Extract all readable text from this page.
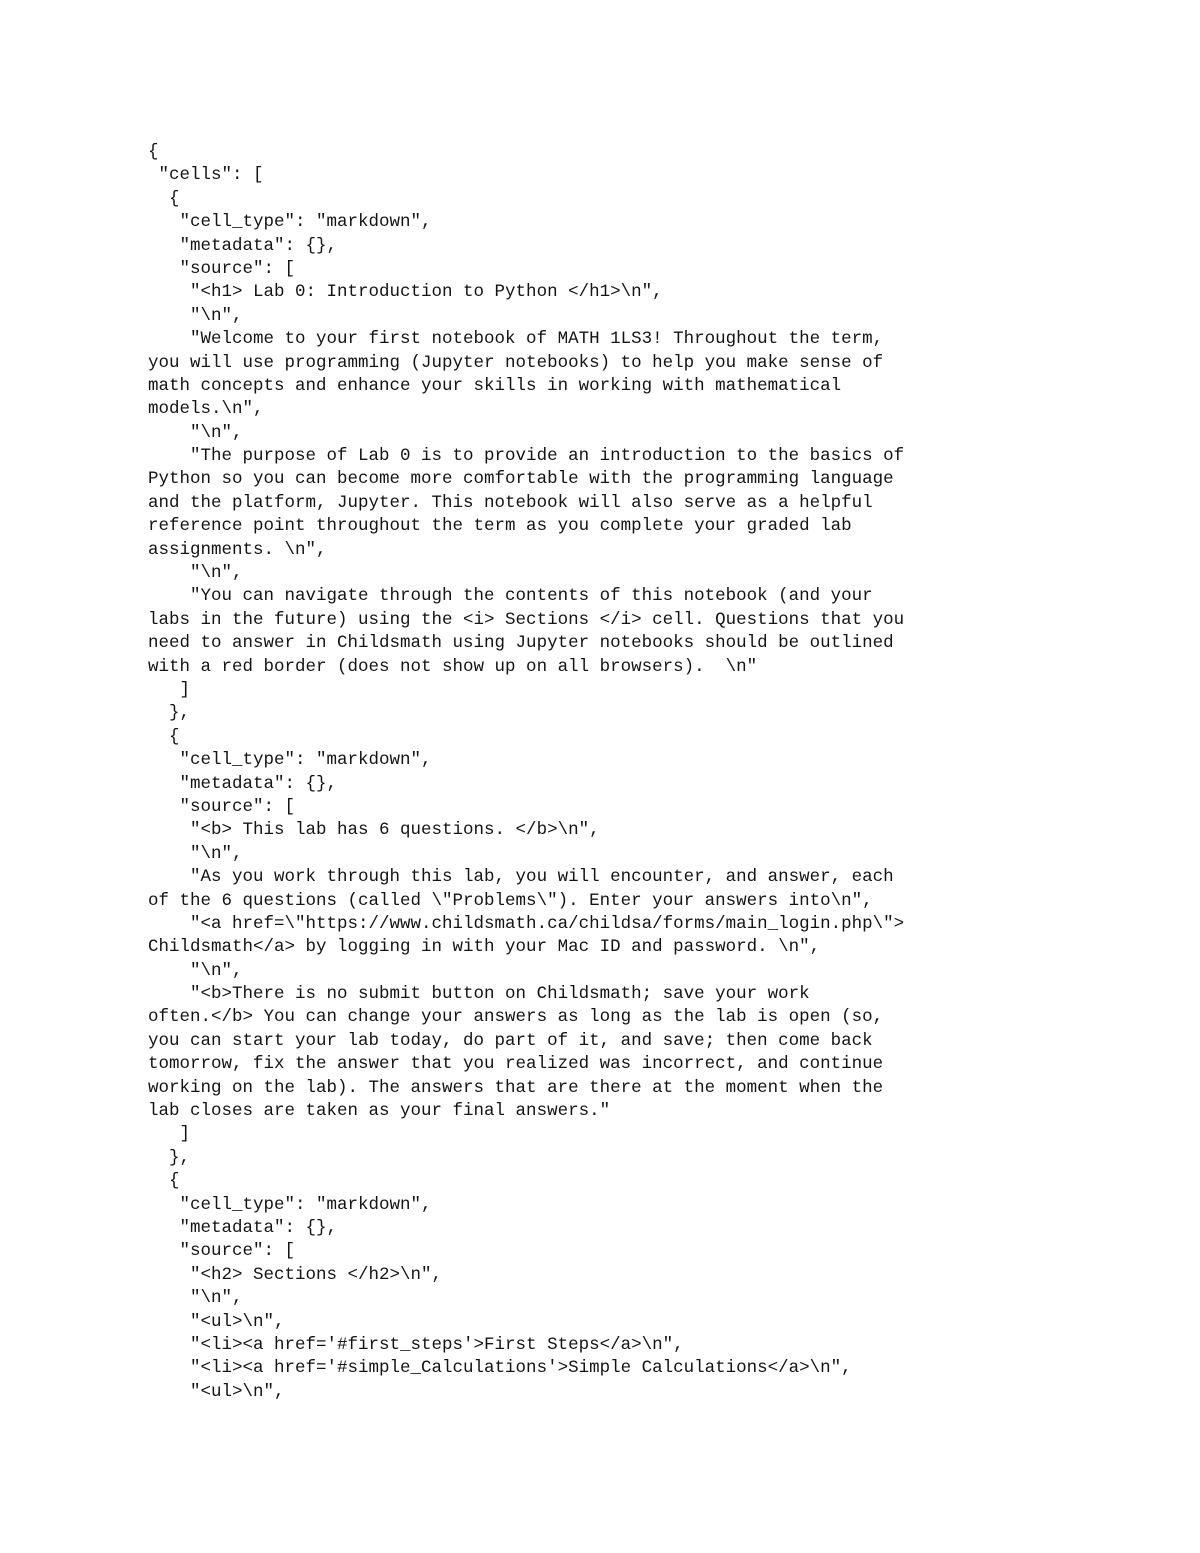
{
"cells": [
{
"cell_type": "markdown",
"metadata": {},
"source": [
"<h1> Lab 0: Introduction to Python </h1>\n",
"\n",
"Welcome to your first notebook of MATH 1LS3! Throughout the term,
you will use programming (Jupyter notebooks) to help you make sense of
math concepts and enhance your skills in working with mathematical
models.\n",
"\n",
"The purpose of Lab 0 is to provide an introduction to the basics of
Python so you can become more comfortable with the programming language
and the platform, Jupyter. This notebook will also serve as a helpful
reference point throughout the term as you complete your graded lab
assignments. \n",
"\n",
"You can navigate through the contents of this notebook (and your
labs in the future) using the <i> Sections </i> cell. Questions that you
need to answer in Childsmath using Jupyter notebooks should be outlined
with a red border (does not show up on all browsers).  \n"
]
},
{
"cell_type": "markdown",
"metadata": {},
"source": [
"<b> This lab has 6 questions. </b>\n",
"\n",
"As you work through this lab, you will encounter, and answer, each
of the 6 questions (called \"Problems\"). Enter your answers into\n",
"<a href=\"https://www.childsmath.ca/childsa/forms/main_login.php\">
Childsmath</a> by logging in with your Mac ID and password. \n",
"\n",
"<b>There is no submit button on Childsmath; save your work
often.</b> You can change your answers as long as the lab is open (so,
you can start your lab today, do part of it, and save; then come back
tomorrow, fix the answer that you realized was incorrect, and continue
working on the lab). The answers that are there at the moment when the
lab closes are taken as your final answers."
]
},
{
"cell_type": "markdown",
"metadata": {},
"source": [
"<h2> Sections </h2>\n",
"\n",
"<ul>\n",
"<li><a href='#first_steps'>First Steps</a>\n",
"<li><a href='#simple_Calculations'>Simple Calculations</a>\n",
"<ul>\n",
